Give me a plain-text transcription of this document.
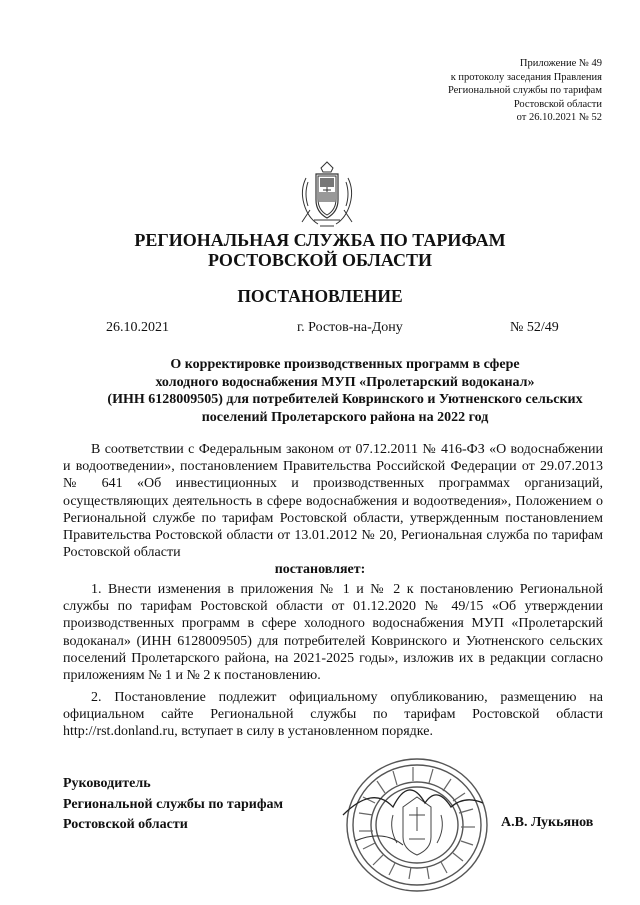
Приложение № 49
к протоколу заседания Правления
Региональной службы по тарифам
Ростовской области
от 26.10.2021 № 52
РЕГИОНАЛЬНАЯ СЛУЖБА ПО ТАРИФАМ
РОСТОВСКОЙ ОБЛАСТИ
ПОСТАНОВЛЕНИЕ
26.10.2021	г. Ростов-на-Дону	№ 52/49
О корректировке производственных программ в сфере
холодного водоснабжения МУП «Пролетарский водоканал»
(ИНН 6128009505) для потребителей Ковринского и Уютненского сельских
поселений Пролетарского района на 2022 год
В соответствии с Федеральным законом от 07.12.2011 № 416-ФЗ «О водоснабжении и водоотведении», постановлением Правительства Российской Федерации от 29.07.2013 № 641 «Об инвестиционных и производственных программах организаций, осуществляющих деятельность в сфере водоснабжения и водоотведения», Положением о Региональной службе по тарифам Ростовской области, утвержденным постановлением Правительства Ростовской области от 13.01.2012 № 20, Региональная служба по тарифам Ростовской области
постановляет:
1. Внести изменения в приложения № 1 и № 2 к постановлению Региональной службы по тарифам Ростовской области от 01.12.2020 № 49/15 «Об утверждении производственных программ в сфере холодного водоснабжения МУП «Пролетарский водоканал» (ИНН 6128009505) для потребителей Ковринского и Уютненского сельских поселений Пролетарского района, на 2021-2025 годы», изложив их в редакции согласно приложениям № 1 и № 2 к постановлению.
2. Постановление подлежит официальному опубликованию, размещению на официальном сайте Региональной службы по тарифам Ростовской области http://rst.donland.ru, вступает в силу в установленном порядке.
Руководитель
Региональной службы по тарифам
Ростовской области	А.В. Лукьянов
